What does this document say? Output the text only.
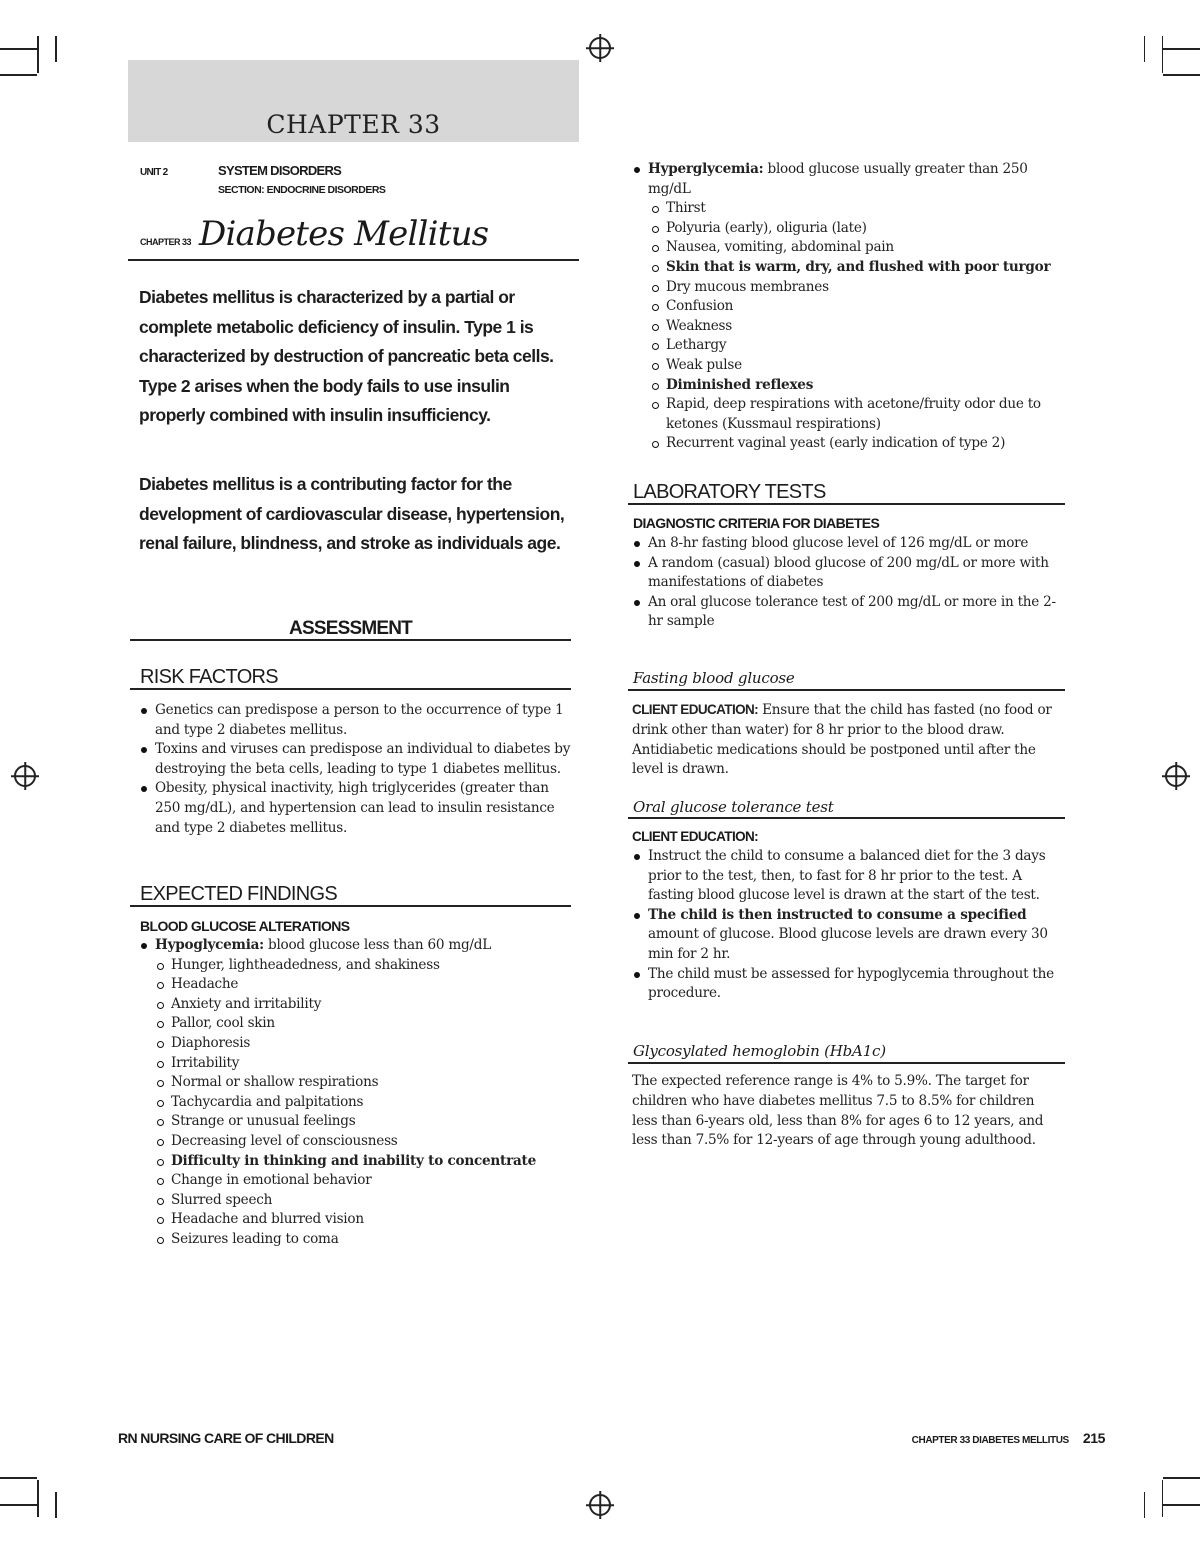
CHAPTER 33
UNIT 2	SYSTEM DISORDERS
SECTION: ENDOCRINE DISORDERS
CHAPTER 33 Diabetes Mellitus

Diabetes mellitus is characterized by a partial or complete metabolic deficiency of insulin. Type 1 is characterized by destruction of pancreatic beta cells. Type 2 arises when the body fails to use insulin properly combined with insulin insufficiency.

Diabetes mellitus is a contributing factor for the development of cardiovascular disease, hypertension, renal failure, blindness, and stroke as individuals age.

ASSESSMENT
RISK FACTORS
Genetics can predispose a person to the occurrence of type 1 and type 2 diabetes mellitus.
Toxins and viruses can predispose an individual to diabetes by destroying the beta cells, leading to type 1 diabetes mellitus.
Obesity, physical inactivity, high triglycerides (greater than 250 mg/dL), and hypertension can lead to insulin resistance and type 2 diabetes mellitus.
EXPECTED FINDINGS
BLOOD GLUCOSE ALTERATIONS
Hypoglycemia: blood glucose less than 60 mg/dL
Hunger, lightheadedness, and shakiness
Headache
Anxiety and irritability
Pallor, cool skin
Diaphoresis
Irritability
Normal or shallow respirations
Tachycardia and palpitations
Strange or unusual feelings
Decreasing level of consciousness
Difficulty in thinking and inability to concentrate
Change in emotional behavior
Slurred speech
Headache and blurred vision
Seizures leading to coma
Hyperglycemia: blood glucose usually greater than 250 mg/dL
Thirst
Polyuria (early), oliguria (late)
Nausea, vomiting, abdominal pain
Skin that is warm, dry, and flushed with poor turgor
Dry mucous membranes
Confusion
Weakness
Lethargy
Weak pulse
Diminished reflexes
Rapid, deep respirations with acetone/fruity odor due to ketones (Kussmaul respirations)
Recurrent vaginal yeast (early indication of type 2)
LABORATORY TESTS
DIAGNOSTIC CRITERIA FOR DIABETES
An 8-hr fasting blood glucose level of 126 mg/dL or more
A random (casual) blood glucose of 200 mg/dL or more with manifestations of diabetes
An oral glucose tolerance test of 200 mg/dL or more in the 2-hr sample
Fasting blood glucose

CLIENT EDUCATION: Ensure that the child has fasted (no food or drink other than water) for 8 hr prior to the blood draw. Antidiabetic medications should be postponed until after the level is drawn.

Oral glucose tolerance test
CLIENT EDUCATION:
Instruct the child to consume a balanced diet for the 3 days prior to the test, then, to fast for 8 hr prior to the test. A fasting blood glucose level is drawn at the start of the test.
The child is then instructed to consume a specified amount of glucose. Blood glucose levels are drawn every 30 min for 2 hr.
The child must be assessed for hypoglycemia throughout the procedure.
Glycosylated hemoglobin (HbA1c)

The expected reference range is 4% to 5.9%. The target for children who have diabetes mellitus 7.5 to 8.5% for children less than 6-years old, less than 8% for ages 6 to 12 years, and less than 7.5% for 12-years of age through young adulthood.

RN NURSING CARE OF CHILDREN	CHAPTER 33 DIABETES MELLITUS 215
